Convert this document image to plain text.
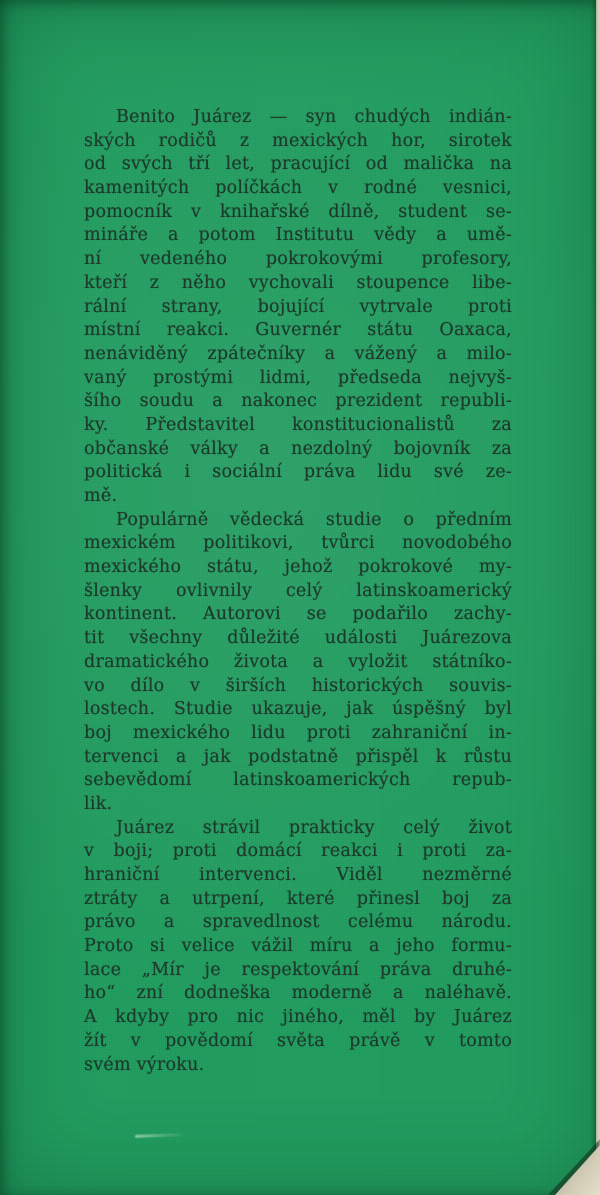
Benito Juárez — syn chudých indián-
ských rodičů z mexických hor, sirotek
od svých tří let, pracující od malička na
kamenitých políčkách v rodné vesnici,
pomocník v knihařské dílně, student se-
mináře a potom Institutu vědy a umě-
ní vedeného pokrokovými profesory,
kteří z něho vychovali stoupence libe-
rální strany, bojující vytrvale proti
místní reakci. Guvernér státu Oaxaca,
nenáviděný zpátečníky a vážený a milo-
vaný prostými lidmi, předseda nejvyš-
šího soudu a nakonec prezident republi-
ky. Představitel konstitucionalistů za
občanské války a nezdolný bojovník za
politická i sociální práva lidu své ze-
mě.
Populárně vědecká studie o předním
mexickém politikovi, tvůrci novodobého
mexického státu, jehož pokrokové my-
šlenky ovlivnily celý latinskoamerický
kontinent. Autorovi se podařilo zachy-
tit všechny důležité události Juárezova
dramatického života a vyložit státníko-
vo dílo v širších historických souvis-
lostech. Studie ukazuje, jak úspěšný byl
boj mexického lidu proti zahraniční in-
tervenci a jak podstatně přispěl k růstu
sebevědomí latinskoamerických repub-
lik.
Juárez strávil prakticky celý život
v boji; proti domácí reakci i proti za-
hraniční intervenci. Viděl nezměrné
ztráty a utrpení, které přinesl boj za
právo a spravedlnost celému národu.
Proto si velice vážil míru a jeho formu-
lace „Mír je respektování práva druhé-
ho“ zní dodneška moderně a naléhavě.
A kdyby pro nic jiného, měl by Juárez
žít v povědomí světa právě v tomto
svém výroku.
